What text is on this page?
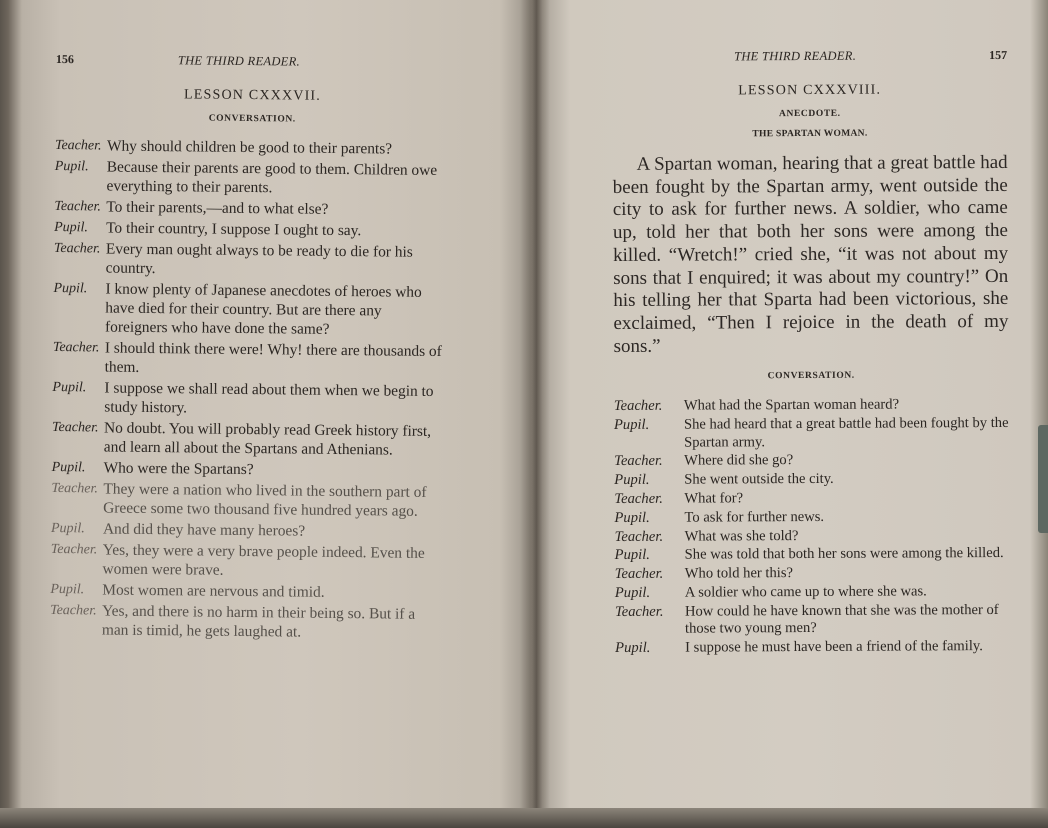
156	THE THIRD READER.
LESSON CXXXVII.
CONVERSATION.
Teacher. Why should children be good to their parents?
Pupil. Because their parents are good to them. Children owe everything to their parents.
Teacher. To their parents,—and to what else?
Pupil. To their country, I suppose I ought to say.
Teacher. Every man ought always to be ready to die for his country.
Pupil. I know plenty of Japanese anecdotes of heroes who have died for their country. But are there any foreigners who have done the same?
Teacher. I should think there were! Why! there are thousands of them.
Pupil. I suppose we shall read about them when we begin to study history.
Teacher. No doubt. You will probably read Greek history first, and learn all about the Spartans and Athenians.
Pupil. Who were the Spartans?
Teacher. They were a nation who lived in the southern part of Greece some two thousand five hundred years ago.
Pupil. And did they have many heroes?
Teacher. Yes, they were a very brave people indeed. Even the women were brave.
Pupil. Most women are nervous and timid.
Teacher. Yes, and there is no harm in their being so. But if a man is timid, he gets laughed at.
THE THIRD READER.	157
LESSON CXXXVIII.
ANECDOTE.
THE SPARTAN WOMAN.
A Spartan woman, hearing that a great battle had been fought by the Spartan army, went outside the city to ask for further news. A soldier, who came up, told her that both her sons were among the killed. “Wretch!” cried she, “it was not about my sons that I enquired; it was about my country!” On his telling her that Sparta had been victorious, she exclaimed, “Then I rejoice in the death of my sons.”
CONVERSATION.
Teacher. What had the Spartan woman heard?
Pupil. She had heard that a great battle had been fought by the Spartan army.
Teacher. Where did she go?
Pupil. She went outside the city.
Teacher. What for?
Pupil. To ask for further news.
Teacher. What was she told?
Pupil. She was told that both her sons were among the killed.
Teacher. Who told her this?
Pupil. A soldier who came up to where she was.
Teacher. How could he have known that she was the mother of those two young men?
Pupil. I suppose he must have been a friend of the family.
